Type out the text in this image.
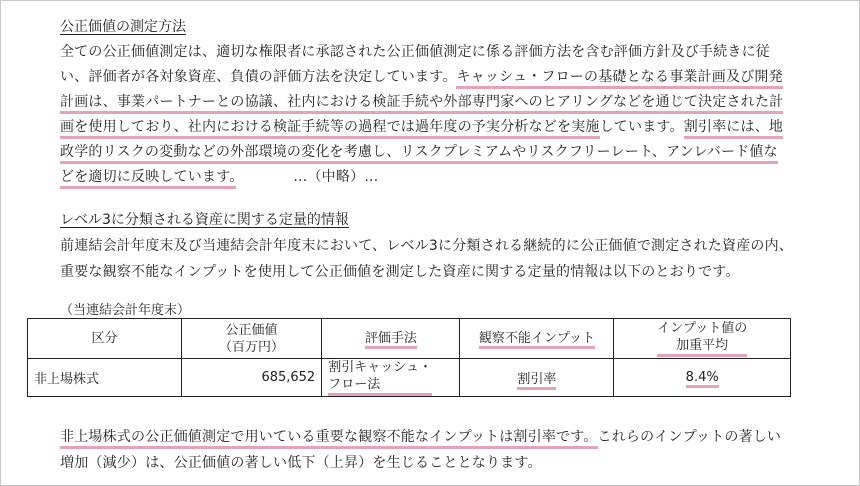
公正価値の測定方法
全ての公正価値測定は、適切な権限者に承認された公正価値測定に係る評価方法を含む評価方針及び手続きに従
い、評価者が各対象資産、負債の評価方法を決定しています。キャッシュ・フローの基礎となる事業計画及び開発
計画は、事業パートナーとの協議、社内における検証手続や外部専門家へのヒアリングなどを通じて決定された計
画を使用しており、社内における検証手続等の過程では過年度の予実分析などを実施しています。割引率には、地
政学的リスクの変動などの外部環境の変化を考慮し、リスクプレミアムやリスクフリーレート、アンレバード値な
どを適切に反映しています。　　　　…（中略）…
レベル3に分類される資産に関する定量的情報
前連結会計年度末及び当連結会計年度末において、レベル3に分類される継続的に公正価値で測定された資産の内、
重要な観察不能なインプットを使用して公正価値を測定した資産に関する定量的情報は以下のとおりです。
（当連結会計年度末）
区分	公正価値
（百万円）	評価手法	観察不能インプット	インプット値の
加重平均
非上場株式	685,652	割引キャッシュ・
フロー法	割引率	8.4%
非上場株式の公正価値測定で用いている重要な観察不能なインプットは割引率です。これらのインプットの著しい
増加（減少）は、公正価値の著しい低下（上昇）を生じることとなります。
